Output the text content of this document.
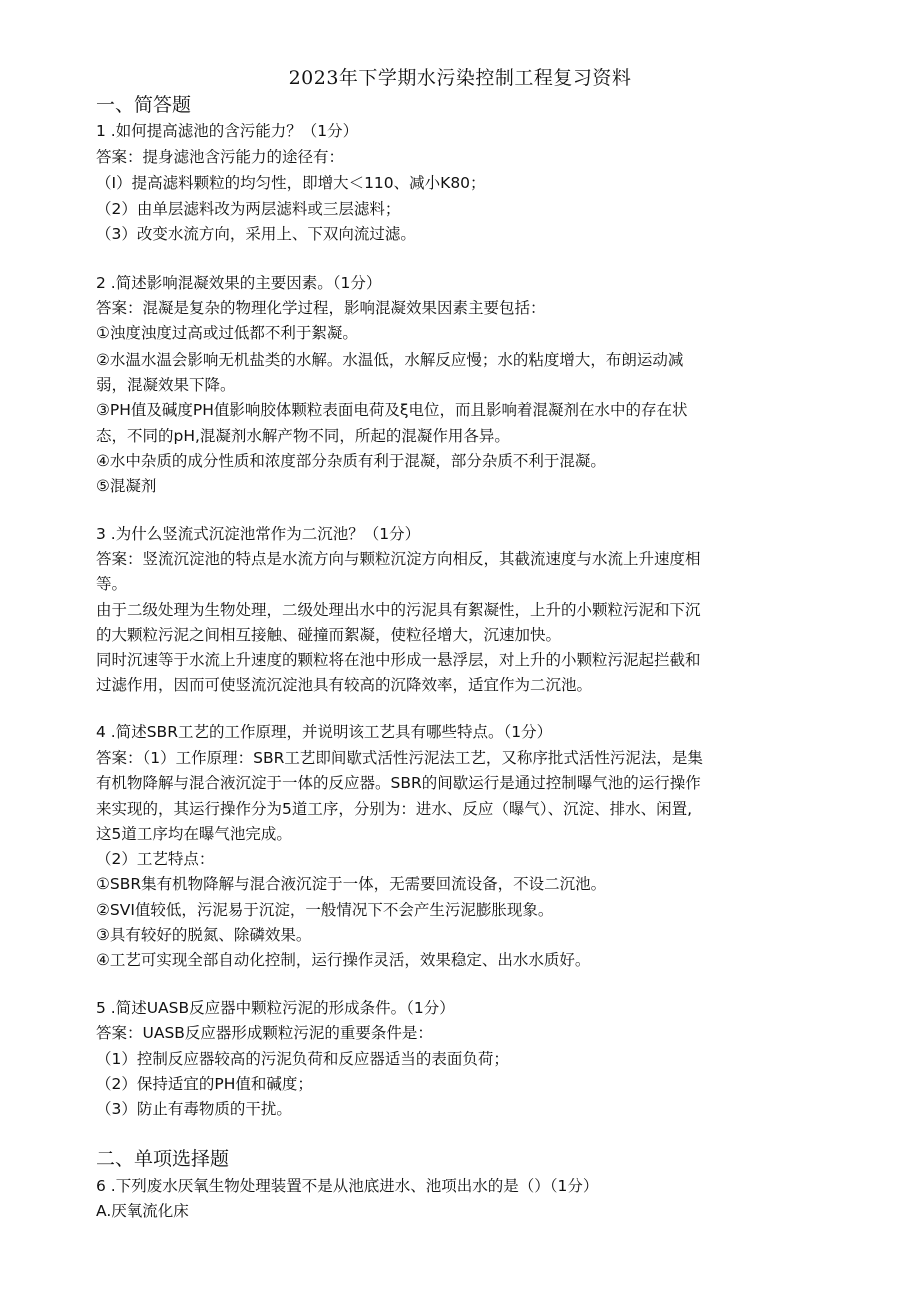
2023年下学期水污染控制工程复习资料
一、简答题
1 .如何提高滤池的含污能力？（1分）
答案：提身滤池含污能力的途径有：
（I）提高滤料颗粒的均匀性，即增大＜110、减小K80；
（2）由单层滤料改为两层滤料或三层滤料；
（3）改变水流方向，采用上、下双向流过滤。
2 .简述影响混凝效果的主要因素。（1分）
答案：混凝是复杂的物理化学过程，影响混凝效果因素主要包括：
①浊度浊度过高或过低都不利于絮凝。
②水温水温会影响无机盐类的水解。水温低，水解反应慢；水的粘度增大，布朗运动减
弱，混凝效果下降。
③PH值及碱度PH值影响胶体颗粒表面电荷及ξ电位，而且影响着混凝剂在水中的存在状
态，不同的pH,混凝剂水解产物不同，所起的混凝作用各异。
④水中杂质的成分性质和浓度部分杂质有利于混凝，部分杂质不利于混凝。
⑤混凝剂
3 .为什么竖流式沉淀池常作为二沉池？（1分）
答案：竖流沉淀池的特点是水流方向与颗粒沉淀方向相反，其截流速度与水流上升速度相
等。
由于二级处理为生物处理，二级处理出水中的污泥具有絮凝性，上升的小颗粒污泥和下沉
的大颗粒污泥之间相互接触、碰撞而絮凝，使粒径增大，沉速加快。
同时沉速等于水流上升速度的颗粒将在池中形成一悬浮层，对上升的小颗粒污泥起拦截和
过滤作用，因而可使竖流沉淀池具有较高的沉降效率，适宜作为二沉池。
4 .简述SBR工艺的工作原理，并说明该工艺具有哪些特点。（1分）
答案：（1）工作原理：SBR工艺即间歇式活性污泥法工艺，又称序批式活性污泥法，是集
有机物降解与混合液沉淀于一体的反应器。SBR的间歇运行是通过控制曝气池的运行操作
来实现的，其运行操作分为5道工序，分别为：进水、反应（曝气）、沉淀、排水、闲置,
这5道工序均在曝气池完成。
（2）工艺特点：
①SBR集有机物降解与混合液沉淀于一体，无需要回流设备，不设二沉池。
②SVI值较低，污泥易于沉淀，一般情况下不会产生污泥膨胀现象。
③具有较好的脱氮、除磷效果。
④工艺可实现全部自动化控制，运行操作灵活，效果稳定、出水水质好。
5 .简述UASB反应器中颗粒污泥的形成条件。（1分）
答案：UASB反应器形成颗粒污泥的重要条件是：
（1）控制反应器较高的污泥负荷和反应器适当的表面负荷；
（2）保持适宜的PH值和碱度；
（3）防止有毒物质的干扰。
二、单项选择题
6 .下列废水厌氧生物处理装置不是从池底进水、池项出水的是（）（1分）
A.厌氧流化床
